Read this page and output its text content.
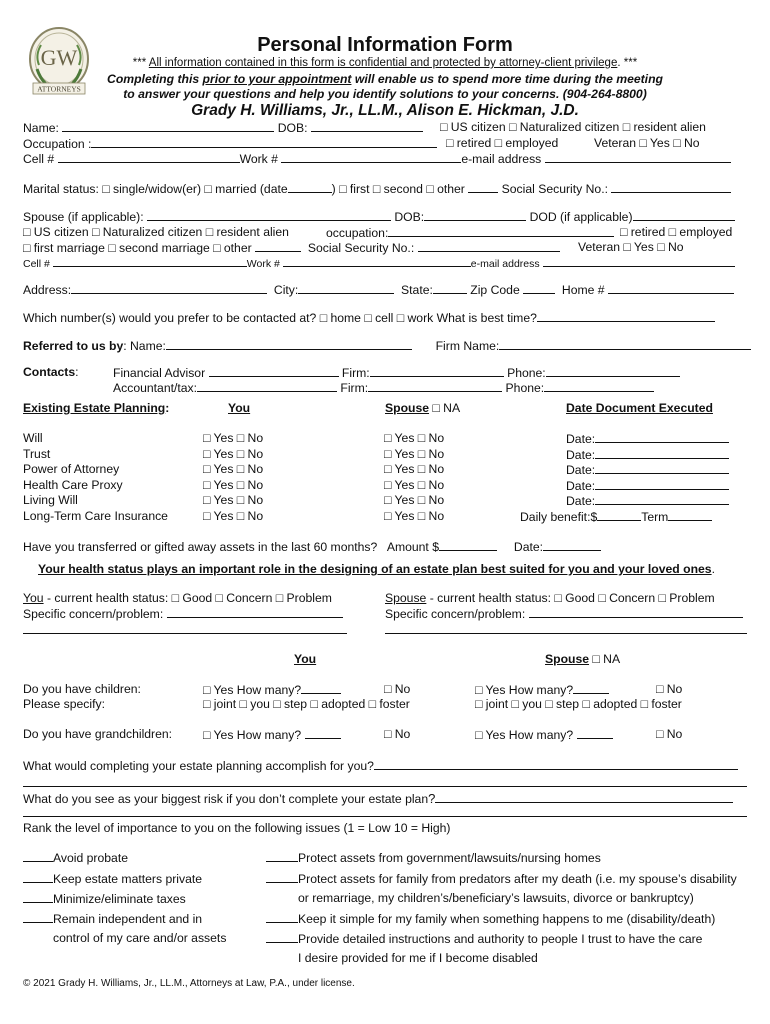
GW
ATTORNEYS
Personal Information Form
*** All information contained in this form is confidential and protected by attorney-client privilege. ***
Completing this prior to your appointment will enable us to spend more time during the meeting
to answer your questions and help you identify solutions to your concerns. (904-264-8800)
Grady H. Williams, Jr., LL.M., Alison E. Hickman, J.D.
Name:	DOB:	□ US citizen □ Naturalized citizen □ resident alien
Occupation :	□ retired □ employed	Veteran □ Yes □ No
Cell #	Work #	e-mail address
Marital status: □ single/widow(er) □ married (date	) □ first □ second □ other	Social Security No.:
Spouse (if applicable):	DOB:	DOD (if applicable)
□ US citizen □ Naturalized citizen □ resident alien	occupation:	□ retired □ employed
□ first marriage □ second marriage □ other	Social Security No.:	Veteran □ Yes □ No
Cell #	Work #	e-mail address
Address:	City:	State:	Zip Code	Home #
Which number(s) would you prefer to be contacted at? □ home □ cell □ work What is best time?
Referred to us by: Name:	Firm Name:
Contacts:	Financial Advisor	Firm:	Phone:
Accountant/tax:	Firm:	Phone:
Existing Estate Planning:	You	Spouse □ NA	Date Document Executed
Will	□ Yes □ No	□ Yes □ No	Date:
Trust	□ Yes □ No	□ Yes □ No	Date:
Power of Attorney	□ Yes □ No	□ Yes □ No	Date:
Health Care Proxy	□ Yes □ No	□ Yes □ No	Date:
Living Will	□ Yes □ No	□ Yes □ No	Date:
Long-Term Care Insurance	□ Yes □ No	□ Yes □ No	Daily benefit:$	Term
Have you transferred or gifted away assets in the last 60 months? Amount $	Date:
Your health status plays an important role in the designing of an estate plan best suited for you and your loved ones.
You - current health status: □ Good □ Concern □ Problem	Spouse - current health status: □ Good □ Concern □ Problem
Specific concern/problem:	Specific concern/problem:
You	Spouse □ NA
Do you have children:	□ Yes How many?	□ No	□ Yes How many?	□ No
Please specify:	□ joint □ you □ step □ adopted □ foster	□ joint □ you □ step □ adopted □ foster
Do you have grandchildren:	□ Yes How many?	□ No	□ Yes How many?	□ No
What would completing your estate planning accomplish for you?
What do you see as your biggest risk if you don’t complete your estate plan?
Rank the level of importance to you on the following issues (1 = Low 10 = High)
Avoid probate
Keep estate matters private
Minimize/eliminate taxes
Remain independent and in
Protect assets from government/lawsuits/nursing homes
Protect assets for family from predators after my death (i.e. my spouse’s disability
Keep it simple for my family when something happens to me (disability/death)
Provide detailed instructions and authority to people I trust to have the care
control of my care and/or assets
or remarriage, my children’s/beneficiary’s lawsuits, divorce or bankruptcy)
I desire provided for me if I become disabled
© 2021 Grady H. Williams, Jr., LL.M., Attorneys at Law, P.A., under license.
